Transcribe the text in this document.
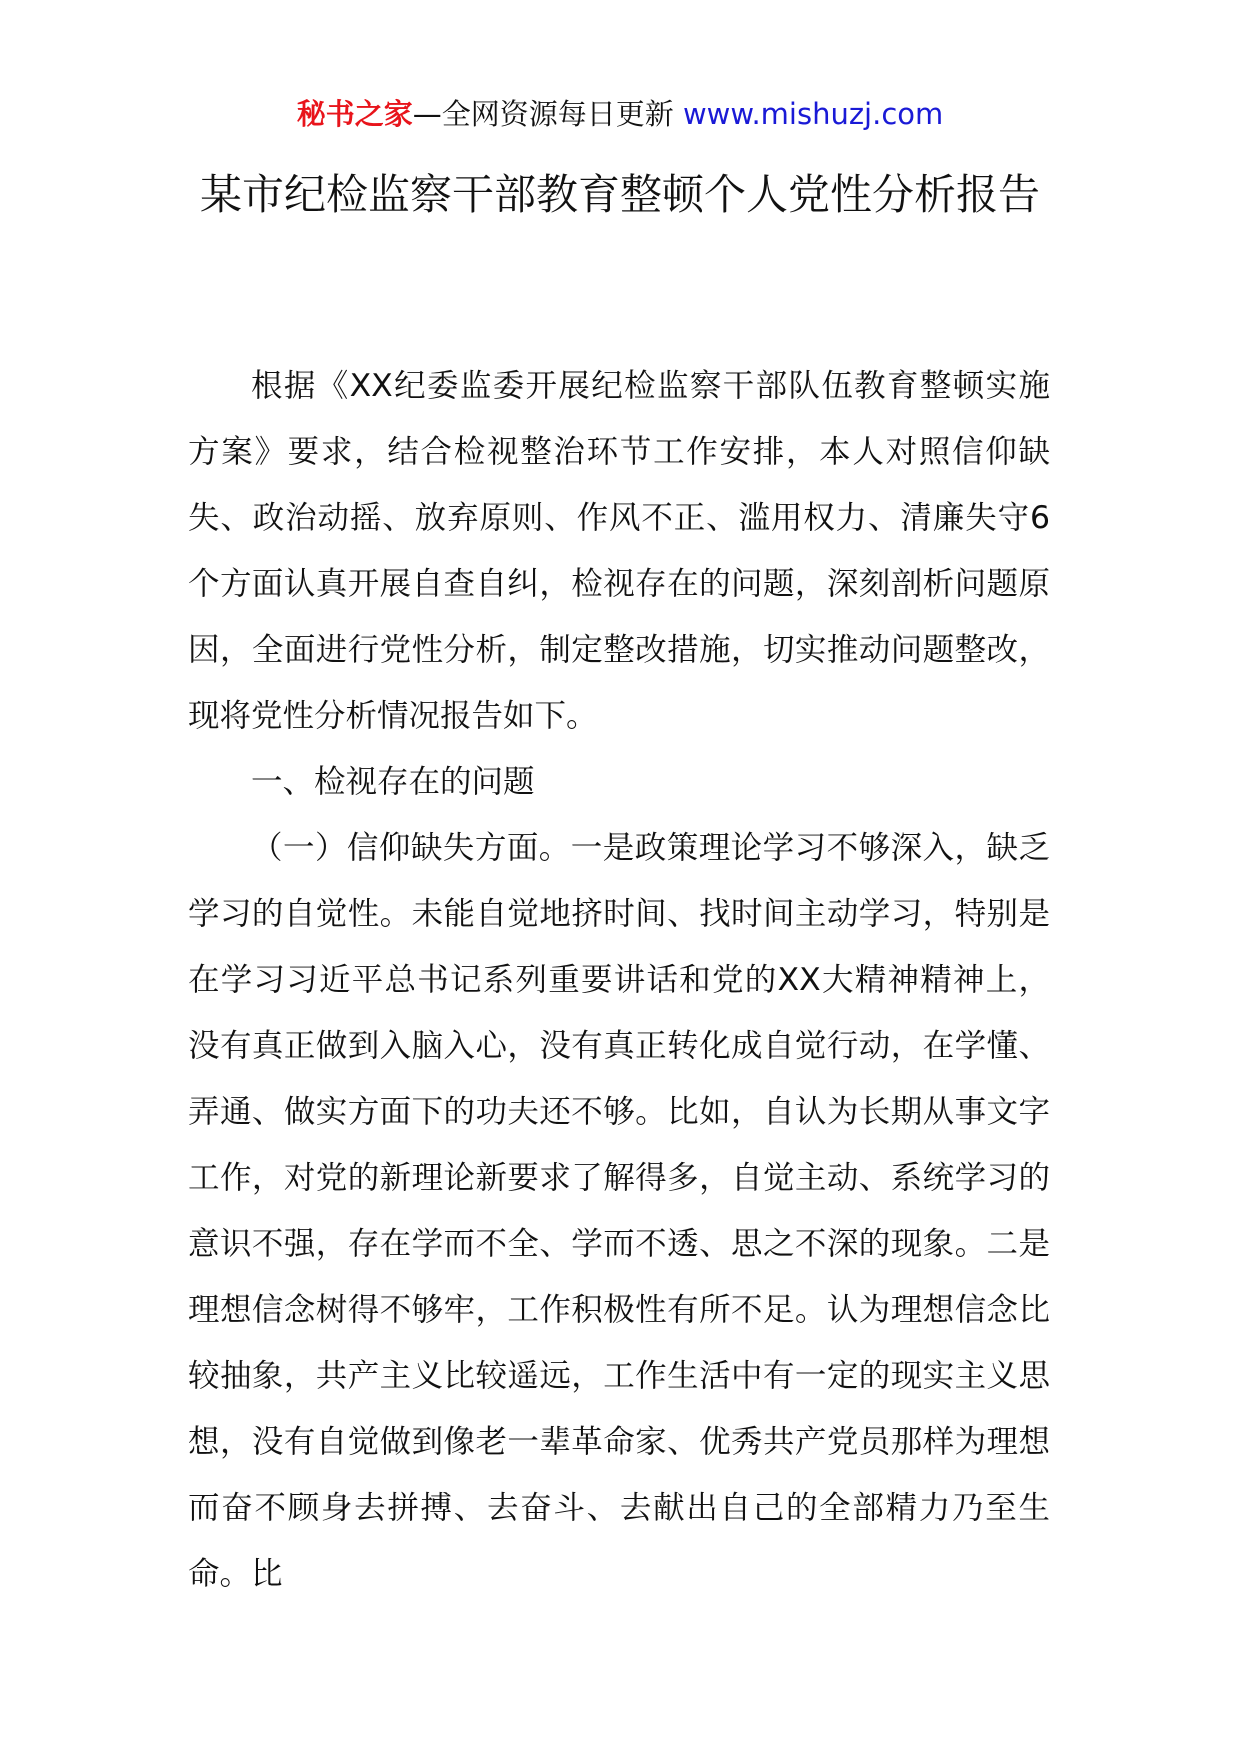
秘书之家—全网资源每日更新 www.mishuzj.com
某市纪检监察干部教育整顿个人党性分析报告

根据《XX纪委监委开展纪检监察干部队伍教育整顿实施方案》要求，结合检视整治环节工作安排，本人对照信仰缺失、政治动摇、放弃原则、作风不正、滥用权力、清廉失守6个方面认真开展自查自纠，检视存在的问题，深刻剖析问题原因，全面进行党性分析，制定整改措施，切实推动问题整改，现将党性分析情况报告如下。

一、检视存在的问题

（一）信仰缺失方面。一是政策理论学习不够深入，缺乏学习的自觉性。未能自觉地挤时间、找时间主动学习，特别是在学习习近平总书记系列重要讲话和党的XX大精神精神上，没有真正做到入脑入心，没有真正转化成自觉行动，在学懂、弄通、做实方面下的功夫还不够。比如，自认为长期从事文字工作，对党的新理论新要求了解得多，自觉主动、系统学习的意识不强，存在学而不全、学而不透、思之不深的现象。二是理想信念树得不够牢，工作积极性有所不足。认为理想信念比较抽象，共产主义比较遥远，工作生活中有一定的现实主义思想，没有自觉做到像老一辈革命家、优秀共产党员那样为理想而奋不顾身去拼搏、去奋斗、去献出自己的全部精力乃至生命。比
